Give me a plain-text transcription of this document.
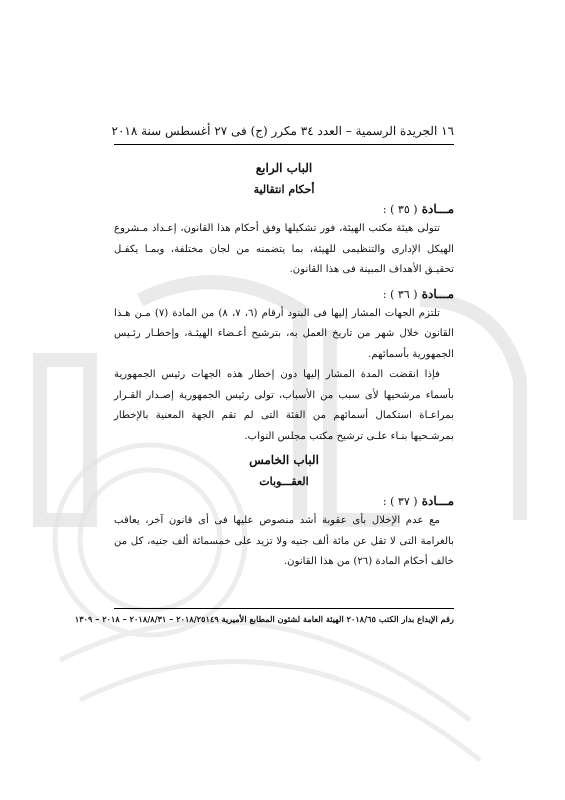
١٦ الجريدة الرسمية – العدد ٣٤ مكرر (ج) فى ٢٧ أغسطس سنة ٢٠١٨
الباب الرابع
أحكام انتقالية
مـــادة ( ٣٥ ) :

تتولى هيئة مكتب الهيئة، فور تشكيلها وفق أحكام هذا القانون، إعـداد مـشروع الهيكل الإدارى والتنظيمى للهيئة، بما يتضمنه من لجان مختلفة، وبمـا يكفـل تحقيـق الأهداف المبينة فى هذا القانون.

مـــادة ( ٣٦ ) :

تلتزم الجهات المشار إليها فى البنود أرقام (٦، ٧، ٨) من المادة (٧) مـن هـذا القانون خلال شهر من تاريخ العمل به، بترشيح أعـضاء الهيئـة، وإخطـار رئـيس الجمهورية بأسمائهم.

فإذا انقضت المدة المشار إليها دون إخطار هذه الجهات رئيس الجمهورية بأسماء مرشحيها لأى سبب من الأسباب، تولى رئيس الجمهورية إصـدار القـرار بمراعـاة استكمال أسمائهم من الفئة التى لم تقم الجهة المعنية بالإخطار بمرشـحيها بنـاء علـى ترشيح مكتب مجلس النواب.

الباب الخامس
العقـــوبات
مـــادة ( ٣٧ ) :

مع عدم الإخلال بأى عقوبة أشد منصوص عليها فى أى قانون آخر، يعاقب بالغرامة التى لا تقل عن مائة ألف جنيه ولا تزيد على خمسمائة ألف جنيه، كل من خالف أحكام المادة (٢٦) من هذا القانون.

رقم الإيداع بدار الكتب ٢٠١٨/٦٥ الهيئة العامة لشئون المطابع الأميرية ٢٠١٨/٢٥١٤٩ – ٢٠١٨/٨/٣١ – ٢٠١٨ – ١٣٠٩
